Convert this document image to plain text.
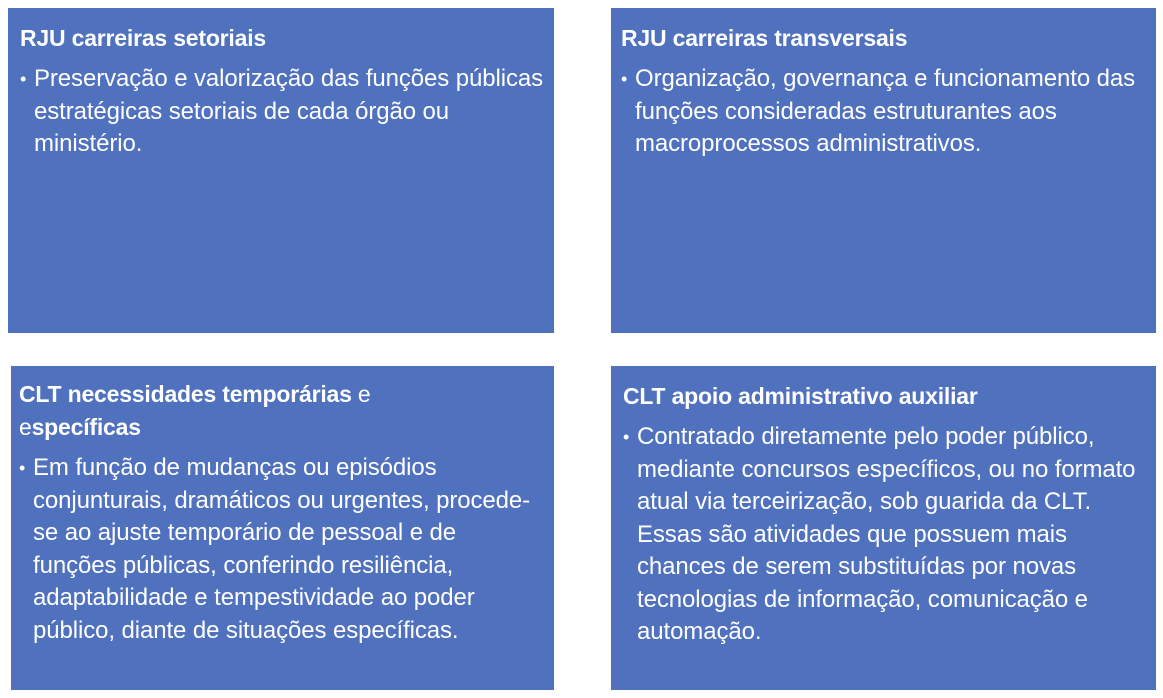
RJU carreiras setoriais
• Preservação e valorização das funções públicas estratégicas setoriais de cada órgão ou ministério.
RJU carreiras transversais
• Organização, governança e funcionamento das funções consideradas estruturantes aos macroprocessos administrativos.
CLT necessidades temporárias e
específicas
• Em função de mudanças ou episódios conjunturais, dramáticos ou urgentes, procede-se ao ajuste temporário de pessoal e de funções públicas, conferindo resiliência, adaptabilidade e tempestividade ao poder público, diante de situações específicas.
CLT apoio administrativo auxiliar
• Contratado diretamente pelo poder público, mediante concursos específicos, ou no formato atual via terceirização, sob guarida da CLT. Essas são atividades que possuem mais chances de serem substituídas por novas tecnologias de informação, comunicação e automação.
